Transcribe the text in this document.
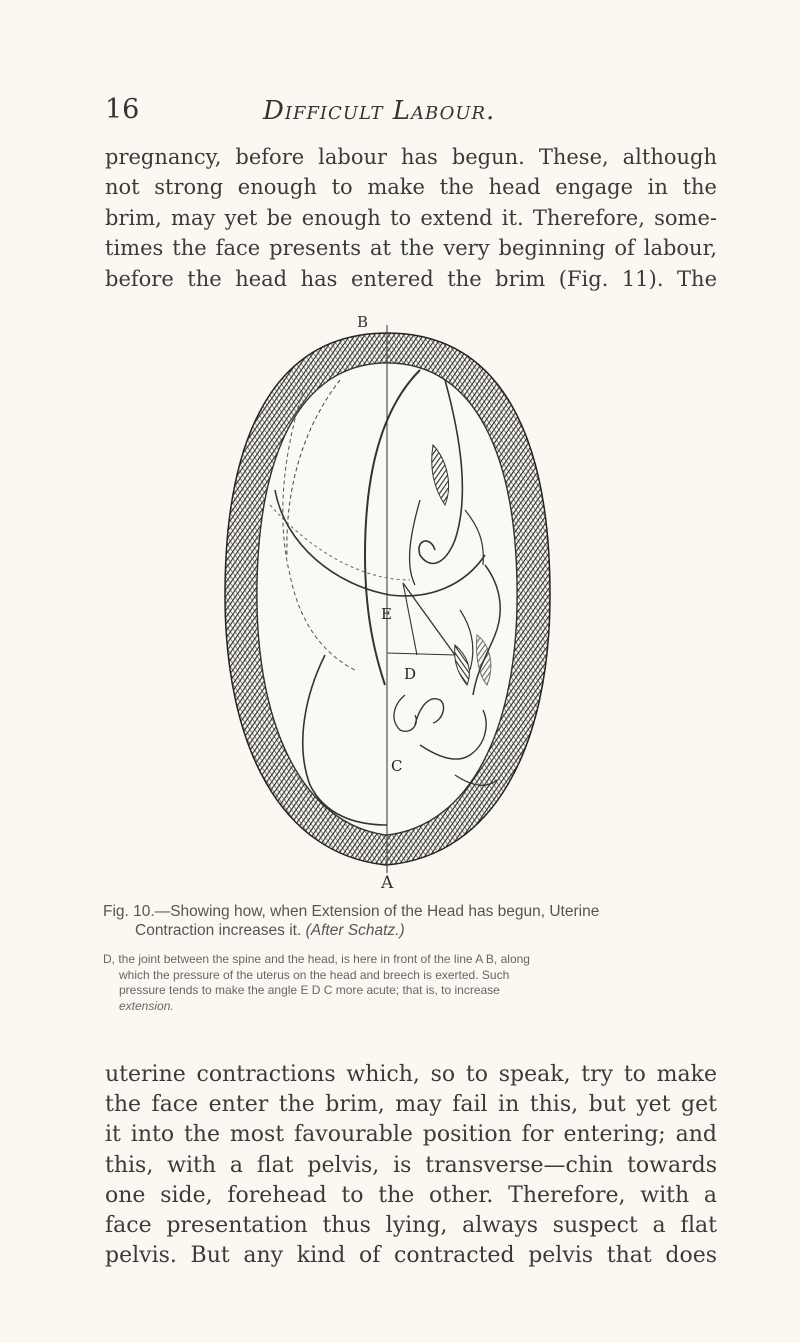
16	Difficult Labour.
pregnancy, before labour has begun. These, although
not strong enough to make the head engage in the
brim, may yet be enough to extend it. Therefore, some-
times the face presents at the very beginning of labour,
before the head has entered the brim (Fig. 11). The
B
E
D
C
A
Fig. 10.—Showing how, when Extension of the Head has begun, Uterine
Contraction increases it. (After Schatz.)
D, the joint between the spine and the head, is here in front of the line A B, along
which the pressure of the uterus on the head and breech is exerted. Such
pressure tends to make the angle E D C more acute; that is, to increase
extension.
uterine contractions which, so to speak, try to make
the face enter the brim, may fail in this, but yet get
it into the most favourable position for entering; and
this, with a flat pelvis, is transverse—chin towards
one side, forehead to the other. Therefore, with a
face presentation thus lying, always suspect a flat
pelvis. But any kind of contracted pelvis that does
